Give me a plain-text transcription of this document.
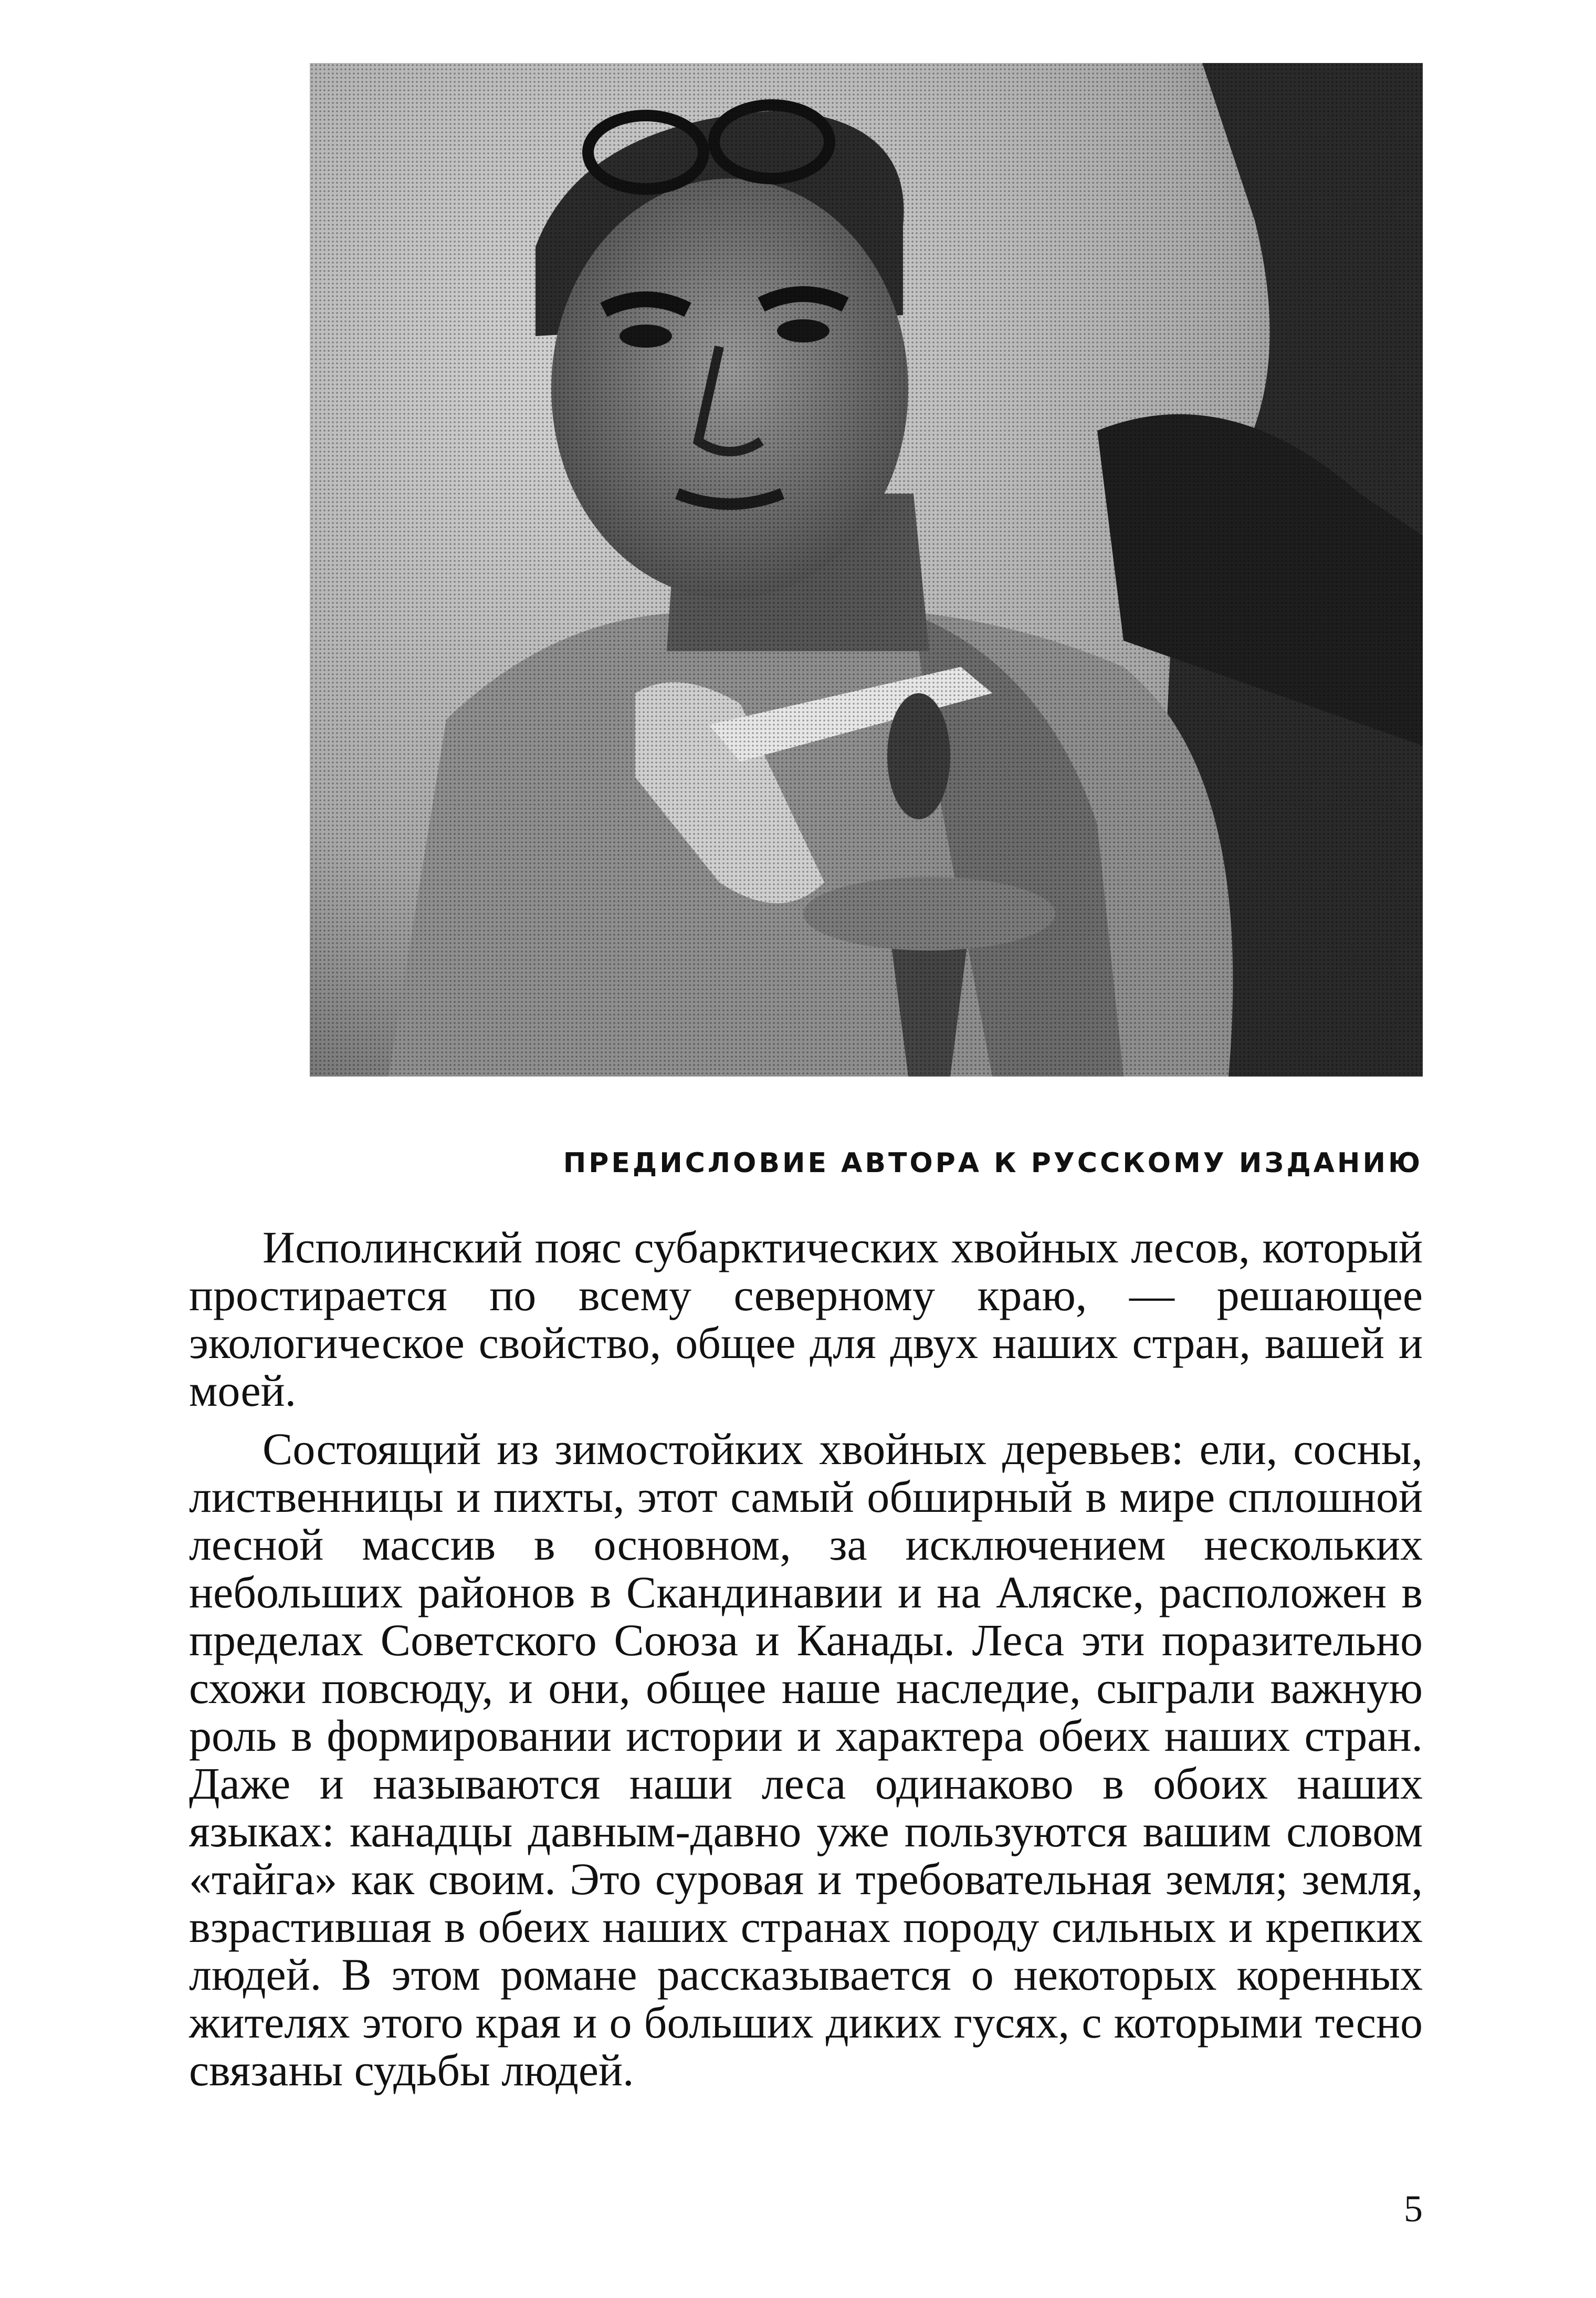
ПРЕДИСЛОВИЕ АВТОРА К РУССКОМУ ИЗДАНИЮ

Исполинский пояс субарктических хвойных лесов, который простирается по всему северному краю, — решающее экологическое свойство, общее для двух наших стран, вашей и моей.

Состоящий из зимостойких хвойных деревьев: ели, сосны, лиственницы и пихты, этот самый обширный в мире сплошной лесной массив в основном, за исключением нескольких небольших районов в Скандинавии и на Аляске, расположен в пределах Советского Союза и Канады. Леса эти поразительно схожи повсюду, и они, общее наше наследие, сыграли важную роль в формировании истории и характера обеих наших стран. Даже и называются наши леса одинаково в обоих наших языках: канадцы давным-давно уже пользуются вашим словом «тайга» как своим. Это суровая и требовательная земля; земля, взрастившая в обеих наших странах породу сильных и крепких людей. В этом романе рассказывается о некоторых коренных жителях этого края и о больших диких гусях, с которыми тесно связаны судьбы людей.

5
